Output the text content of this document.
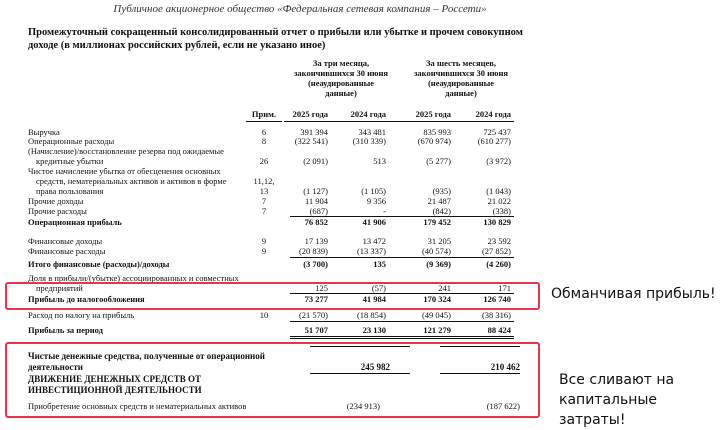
Публичное акционерное общество «Федеральная сетевая компания – Россети»
Промежуточный сокращенный консолидированный отчет о прибыли или убытке и прочем совокупном
доходе (в миллионах российских рублей, если не указано иное)
За три месяца,
закончившихся 30 июня
(неаудированные
данные)
За шесть месяцев,
закончившихся 30 июня
(неаудированные
данные)
Прим.	2025 года	2024 года	2025 года	2024 года
Выручка	6	391 394	343 481	835 993	725 437
Операционные расходы	8	(322 541)	(310 339)	(670 974)	(610 277)
(Начисление)/восстановление резерва под ожидаемые
кредитные убытки	26	(2 091)	513	(5 277)	(3 972)
Чистое начисление убытка от обесценения основных
средств, нематериальных активов и активов в форме	11,12,
права пользования	13	(1 127)	(1 105)	(935)	(1 043)
Прочие доходы	7	11 904	9 356	21 487	21 022
Прочие расходы	7	(687)	-	(842)	(338)
Операционная прибыль	76 852	41 906	179 452	130 829
Финансовые доходы	9	17 139	13 472	31 205	23 592
Финансовые расходы	9	(20 839)	(13 337)	(40 574)	(27 852)
Итого финансовые (расходы)/доходы	(3 700)	135	(9 369)	(4 260)
Доля в прибыли/(убытке) ассоциированных и совместных
предприятий	125	(57)	241	171
Прибыль до налогообложения	73 277	41 984	170 324	126 740
Расход по налогу на прибыль	10	(21 570)	(18 854)	(49 045)	(38 316)
Прибыль за период	51 707	23 130	121 279	88 424
Чистые денежные средства, полученные от операционной
деятельности	245 982	210 462
ДВИЖЕНИЕ ДЕНЕЖНЫХ СРЕДСТВ ОТ
ИНВЕСТИЦИОННОЙ ДЕЯТЕЛЬНОСТИ
Приобретение основных средств и нематериальных активов	(234 913)	(187 622)
Обманчивая прибыль!
Все сливают на
капитальные затраты!
